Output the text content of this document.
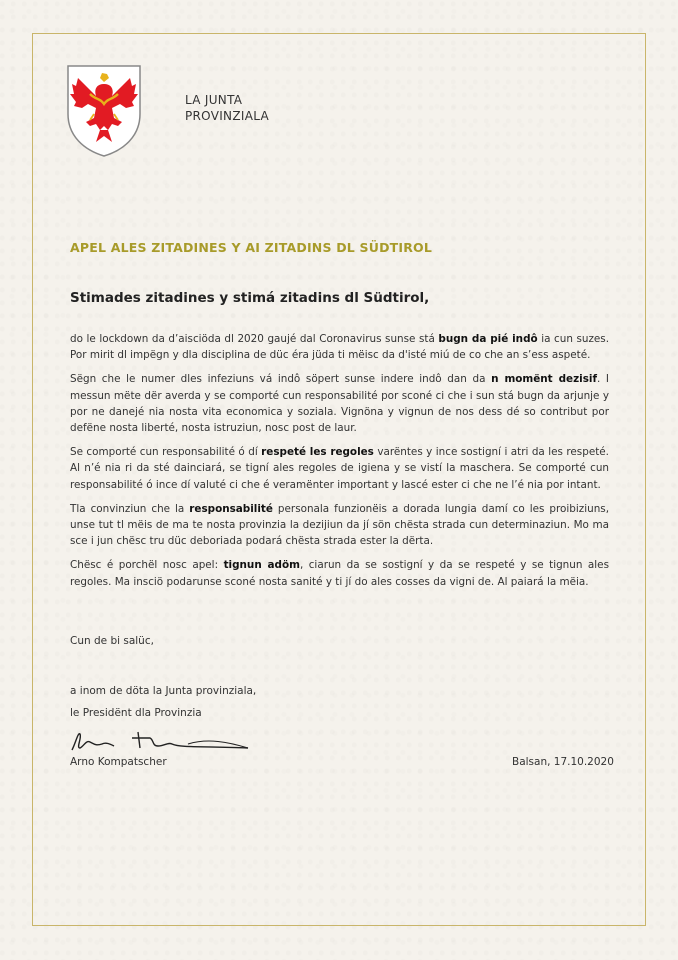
LA JUNTA
PROVINZIALA
APEL ALES ZITADINES Y AI ZITADINS DL SÜDTIROL
Stimades zitadines y stimá zitadins dl Südtirol,

do le lockdown da d’aisciöda dl 2020 gaujé dal Coronavirus sunse stá bugn da pié indô ia cun suzes. Por mirit dl impëgn y dla disciplina de düc éra jüda ti mëisc da d'isté miú de co che an s’ess aspeté.

Sëgn che le numer dles infeziuns vá indô söpert sunse indere indô dan da n momënt dezisif. I messun mëte dër averda y se comporté cun responsabilité por sconé ci che i sun stá bugn da arjunje y por ne danejé nia nosta vita economica y soziala. Vignöna y vignun de nos dess dé so contribut por defëne nosta liberté, nosta istruziun, nosc post de laur.

Se comporté cun responsabilité ó dí respeté les regoles varëntes y ince sostigní i atri da les respeté. Al n’é nia ri da sté dainciará, se tigní ales regoles de igiena y se vistí la maschera. Se comporté cun responsabilité ó ince dí valuté ci che é veramënter important y lascé ester ci che ne l’é nia por intant.

Tla convinziun che la responsabilité personala funzionëis a dorada lungia damí co les proibiziuns, unse tut tl mëis de ma te nosta provinzia la dezijiun da jí sön chësta strada cun determinaziun. Mo ma sce i jun chësc tru düc deboriada podará chësta strada ester la dërta.

Chësc é porchël nosc apel: tignun adöm, ciarun da se sostigní y da se respeté y se tignun ales regoles. Ma insciö podarunse sconé nosta sanité y ti jí do ales cosses da vigni de. Al paiará la mëia.

Cun de bi salüc,
a inom de döta la Junta provinziala,
le Presidënt dla Provinzia
Arno Kompatscher	Balsan, 17.10.2020
